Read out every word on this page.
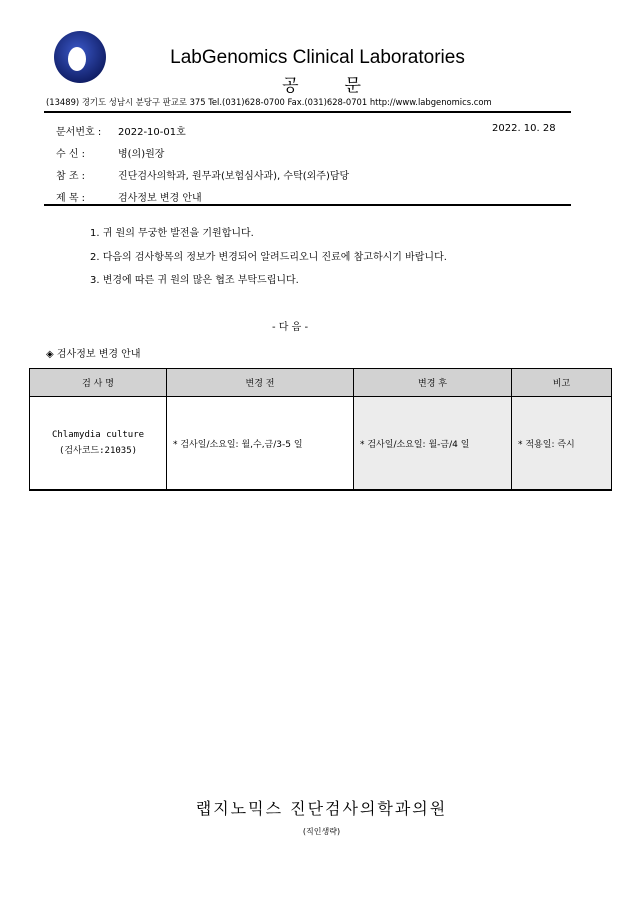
LabGenomics Clinical Laboratories
공	문
(13489) 경기도 성남시 분당구 판교로 375 Tel.(031)628-0700 Fax.(031)628-0701 http://www.labgenomics.com
문서번호 : 2022-10-01호	2022. 10. 28
수 신 :	병(의)원장
참 조 :	진단검사의학과, 원무과(보험심사과), 수탁(외주)담당
제 목 :	검사정보 변경 안내
1. 귀 원의 무궁한 발전을 기원합니다.
2. 다음의 검사항목의 정보가 변경되어 알려드리오니 진료에 참고하시기 바랍니다.
3. 변경에 따른 귀 원의 많은 협조 부탁드립니다.
- 다 음 -
◈ 검사정보 변경 안내
검 사 명	변경 전	변경 후	비고

Chlamydia culture
(검사코드:21035)	* 검사일/소요일: 월,수,금/3-5 일	* 검사일/소요일: 월-금/4 일	* 적용일: 즉시
랩지노믹스 진단검사의학과의원
(직인생략)
